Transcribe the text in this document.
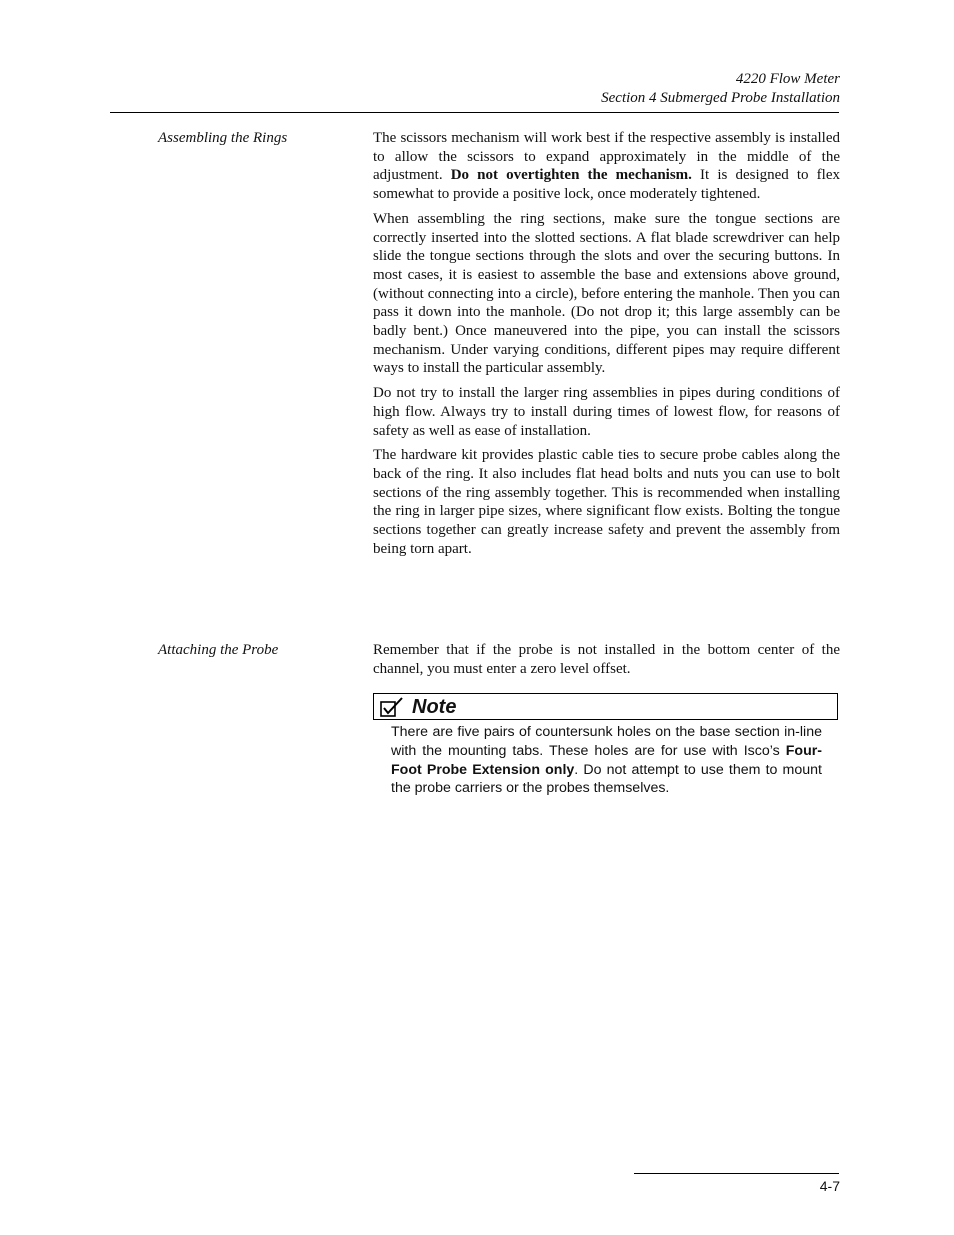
4220 Flow Meter
Section 4 Submerged Probe Installation
Assembling the Rings	The scissors mechanism will work best if the respective assembly is installed to allow the scissors to expand approximately in the middle of the adjustment. Do not overtighten the mechanism. It is designed to flex somewhat to provide a positive lock, once moderately tightened.

When assembling the ring sections, make sure the tongue sections are correctly inserted into the slotted sections. A flat blade screwdriver can help slide the tongue sections through the slots and over the securing buttons. In most cases, it is easiest to assemble the base and extensions above ground, (without connecting into a circle), before entering the manhole. Then you can pass it down into the manhole. (Do not drop it; this large assembly can be badly bent.) Once maneuvered into the pipe, you can install the scissors mechanism. Under varying conditions, different pipes may require different ways to install the particular assembly.

Do not try to install the larger ring assemblies in pipes during conditions of high flow. Always try to install during times of lowest flow, for reasons of safety as well as ease of installation.

The hardware kit provides plastic cable ties to secure probe cables along the back of the ring. It also includes flat head bolts and nuts you can use to bolt sections of the ring assembly together. This is recommended when installing the ring in larger pipe sizes, where significant flow exists. Bolting the tongue sections together can greatly increase safety and prevent the assembly from being torn apart.

Attaching the Probe	Remember that if the probe is not installed in the bottom center of the channel, you must enter a zero level offset.

Note
There are five pairs of countersunk holes on the base section in-line with the mounting tabs. These holes are for use with Isco’s Four-Foot Probe Extension only. Do not attempt to use them to mount the probe carriers or the probes themselves.
4-7
